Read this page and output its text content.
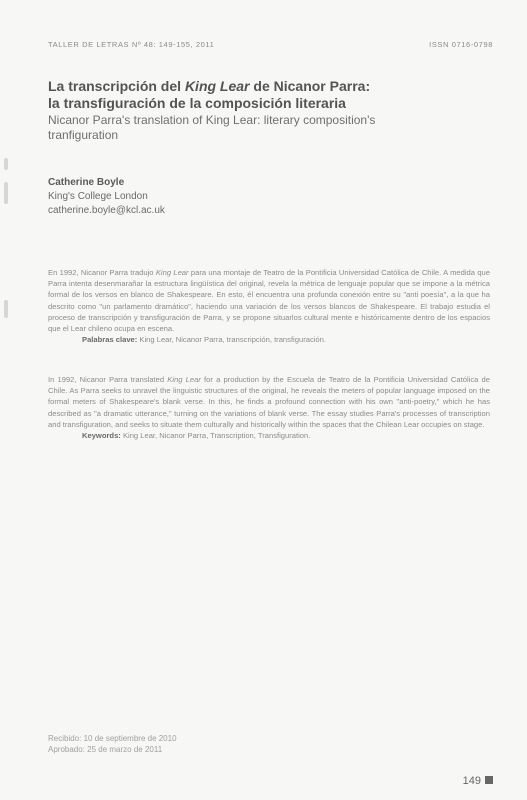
TALLER DE LETRAS Nº 48: 149-155, 2011	ISSN 0716-0798

La transcripción del King Lear de Nicanor Parra:
la transfiguración de la composición literaria

Nicanor Parra's translation of King Lear: literary composition's
tranfiguration

Catherine Boyle
King's College London
catherine.boyle@kcl.ac.uk
En 1992, Nicanor Parra tradujo King Lear para una montaje de Teatro de la Pontificia Universidad Católica de Chile. A medida que Parra intenta desenmarañar la estructura lingüística del original, revela la métrica de lenguaje popular que se impone a la métrica formal de los versos en blanco de Shakespeare. En esto, él encuentra una profunda conexión entre su "anti poesía", a la que ha descrito como "un parlamento dramático", haciendo una variación de los versos blancos de Shakespeare. El trabajo estudia el proceso de transcripción y transfiguración de Parra, y se propone situarlos cultural mente e históricamente dentro de los espacios que el Lear chileno ocupa en escena.
Palabras clave: King Lear, Nicanor Parra, transcripción, transfiguración.
In 1992, Nicanor Parra translated King Lear for a production by the Escuela de Teatro de la Pontificia Universidad Católica de Chile. As Parra seeks to unravel the linguistic structures of the original, he reveals the meters of popular language imposed on the formal meters of Shakespeare's blank verse. In this, he finds a profound connection with his own "anti-poetry," which he has described as "a dramatic utterance," turning on the variations of blank verse. The essay studies Parra's processes of transcription and transfiguration, and seeks to situate them culturally and historically within the spaces that the Chilean Lear occupies on stage.
Keywords: King Lear, Nicanor Parra, Transcription, Transfiguration.
Recibido: 10 de septiembre de 2010
Aprobado: 25 de marzo de 2011
149
